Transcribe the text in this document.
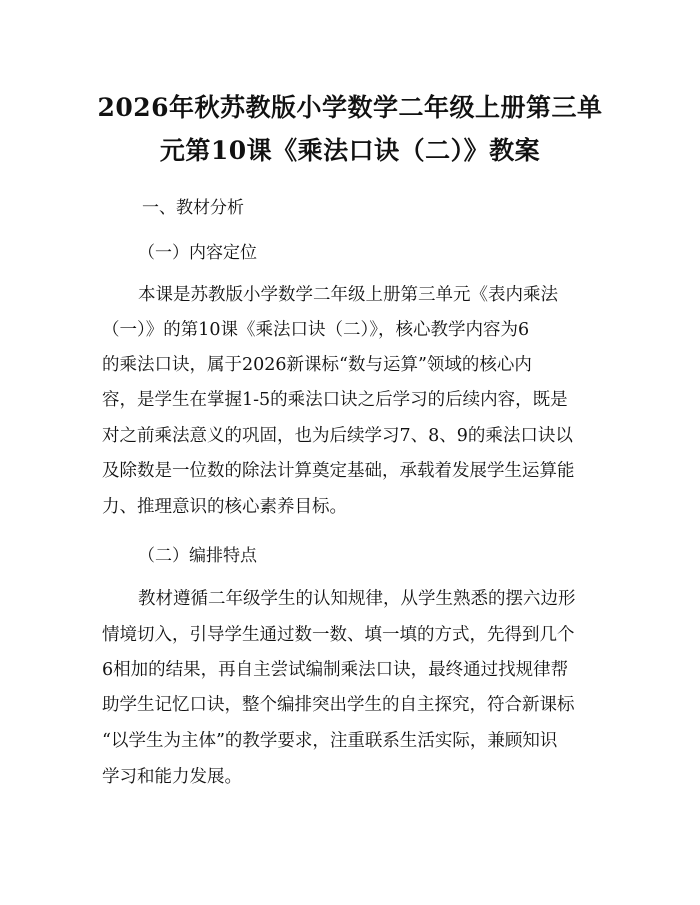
2026年秋苏教版小学数学二年级上册第三单
元第10课《乘法口诀（二）》教案
一、教材分析
（一）内容定位
本课是苏教版小学数学二年级上册第三单元《表内乘法
（一）》的第10课《乘法口诀（二）》，核心教学内容为6
的乘法口诀，属于2026新课标“数与运算”领域的核心内
容，是学生在掌握1-5的乘法口诀之后学习的后续内容，既是
对之前乘法意义的巩固，也为后续学习7、8、9的乘法口诀以
及除数是一位数的除法计算奠定基础，承载着发展学生运算能
力、推理意识的核心素养目标。
（二）编排特点
教材遵循二年级学生的认知规律，从学生熟悉的摆六边形
情境切入，引导学生通过数一数、填一填的方式，先得到几个
6相加的结果，再自主尝试编制乘法口诀，最终通过找规律帮
助学生记忆口诀，整个编排突出学生的自主探究，符合新课标
“以学生为主体”的教学要求，注重联系生活实际，兼顾知识
学习和能力发展。
